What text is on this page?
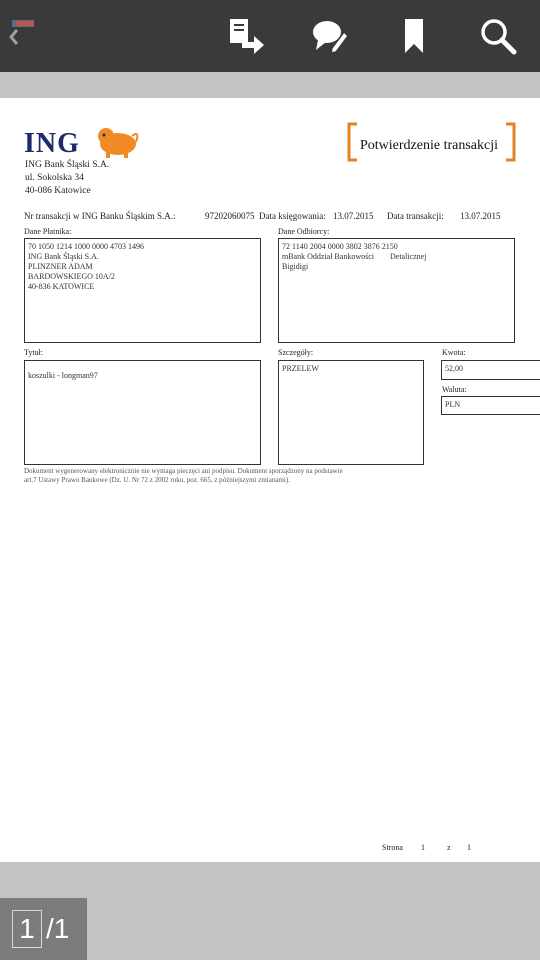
ING	Potwierdzenie transakcji
ING Bank Śląski S.A.
ul. Sokolska 34
40-086 Katowice
Nr transakcji w ING Banku Śląskim S.A.:	97202060075 Data księgowania: 13.07.2015 Data transakcji: 13.07.2015
Dane Płatnika:
70 1050 1214 1000 0000 4703 1496
ING Bank Śląski S.A.
PLINZNER ADAM
BARDOWSKIEGO 10A/2
40-836 KATOWICE
Dane Odbiorcy:
72 1140 2004 0000 3802 3876 2150
mBank Oddział Bankowości        Detalicznej
Bigidigi
Tytuł:
koszulki - longman97
Szczegóły:
PRZELEW
Kwota:
52,00
Waluta:
PLN
Dokument wygenerowany elektronicznie nie wymaga pieczęci ani podpisu. Dokument sporządzony na podstawie
art.7 Ustawy Prawo Bankowe (Dz. U. Nr 72 z 2002 roku, poz. 665, z późniejszymi zmianami).
Strona 1	z 1
1 /1
